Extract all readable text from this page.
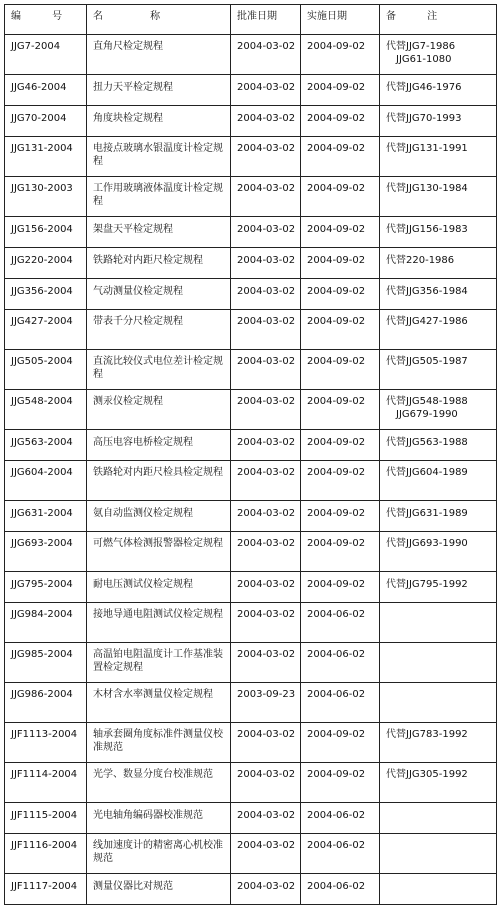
编 号	名 称	批准日期	实施日期	备 注
JJG7-2004	直角尺检定规程	2004-03-02	2004-09-02	代替JJG7-1986
JJG61-1080

JJG46-2004	扭力天平检定规程	2004-03-02	2004-09-02	代替JJG46-1976

JJG70-2004	角度块检定规程	2004-03-02	2004-09-02	代替JJG70-1993

JJG131-2004	电接点玻璃水银温度计检定规程	2004-03-02	2004-09-02	代替JJG131-1991

JJG130-2003	工作用玻璃液体温度计检定规程	2004-03-02	2004-09-02	代替JJG130-1984

JJG156-2004	架盘天平检定规程	2004-03-02	2004-09-02	代替JJG156-1983

JJG220-2004	铁路轮对内距尺检定规程	2004-03-02	2004-09-02	代替220-1986

JJG356-2004	气动测量仪检定规程	2004-03-02	2004-09-02	代替JJG356-1984

JJG427-2004	带表千分尺检定规程	2004-03-02	2004-09-02	代替JJG427-1986

JJG505-2004	直流比较仪式电位差计检定规程	2004-03-02	2004-09-02	代替JJG505-1987

JJG548-2004	测汞仪检定规程	2004-03-02	2004-09-02	代替JJG548-1988
JJG679-1990

JJG563-2004	高压电容电桥检定规程	2004-03-02	2004-09-02	代替JJG563-1988

JJG604-2004	铁路轮对内距尺检具检定规程	2004-03-02	2004-09-02	代替JJG604-1989

JJG631-2004	氨自动监测仪检定规程	2004-03-02	2004-09-02	代替JJG631-1989

JJG693-2004	可燃气体检测报警器检定规程	2004-03-02	2004-09-02	代替JJG693-1990

JJG795-2004	耐电压测试仪检定规程	2004-03-02	2004-09-02	代替JJG795-1992

JJG984-2004	接地导通电阻测试仪检定规程	2004-03-02	2004-06-02	
JJG985-2004	高温铂电阻温度计工作基准装置检定规程	2004-03-02	2004-06-02	
JJG986-2004	木材含水率测量仪检定规程	2003-09-23	2004-06-02	
JJF1113-2004	轴承套圈角度标准件测量仪校准规范	2004-03-02	2004-09-02	代替JJG783-1992

JJF1114-2004	光学、数显分度台校准规范	2004-03-02	2004-09-02	代替JJG305-1992

JJF1115-2004	光电轴角编码器校准规范	2004-03-02	2004-06-02	
JJF1116-2004	线加速度计的精密离心机校准规范	2004-03-02	2004-06-02	
JJF1117-2004	测量仪器比对规范	2004-03-02	2004-06-02	
